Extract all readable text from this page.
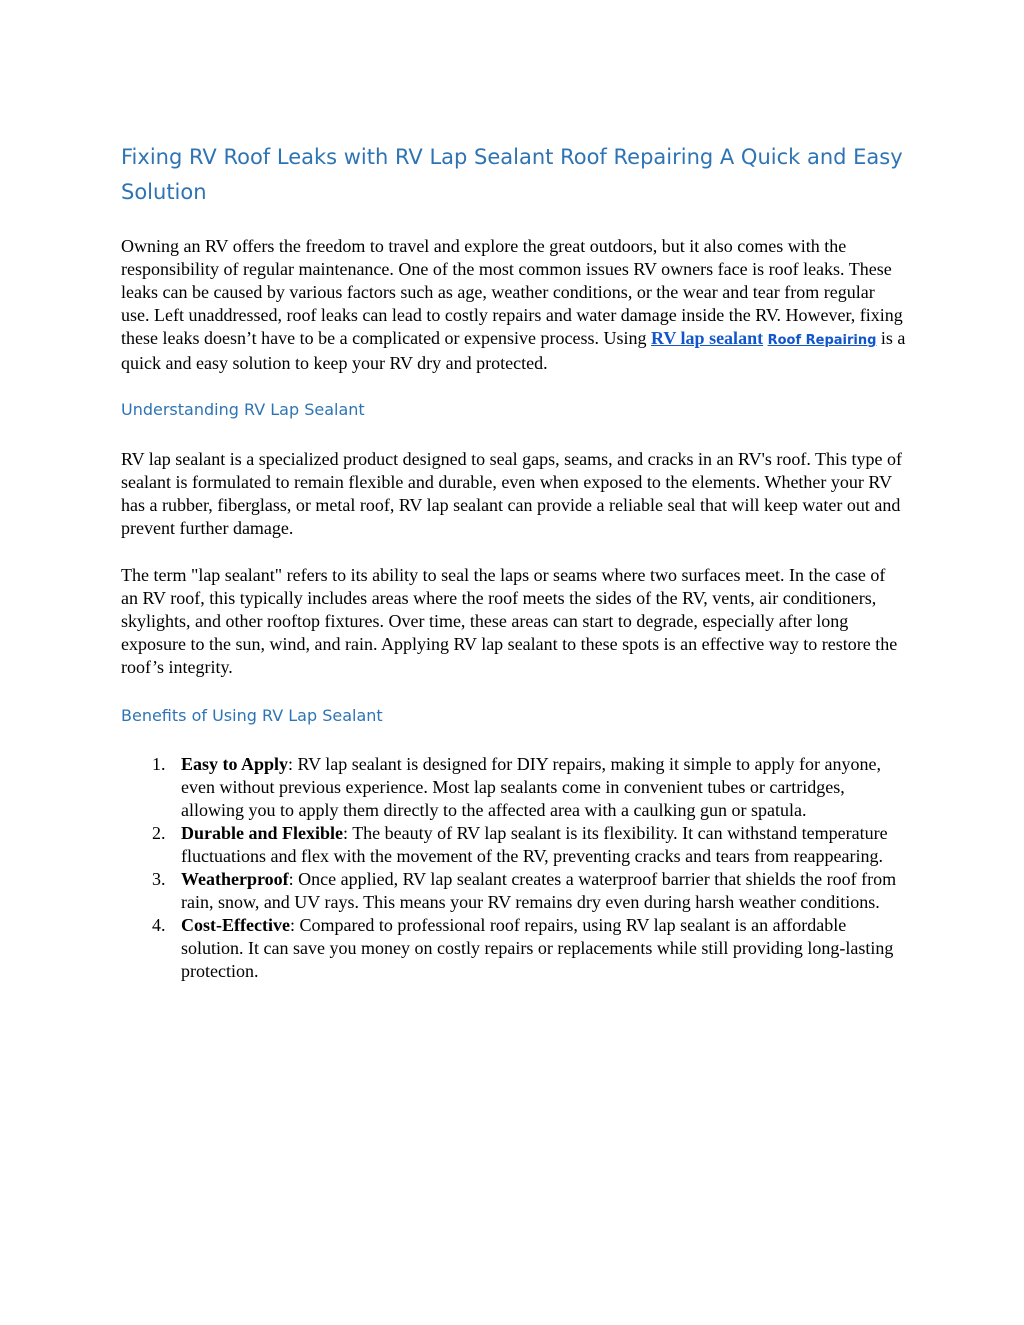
Fixing RV Roof Leaks with RV Lap Sealant Roof Repairing A Quick and Easy Solution

Owning an RV offers the freedom to travel and explore the great outdoors, but it also comes with the responsibility of regular maintenance. One of the most common issues RV owners face is roof leaks. These leaks can be caused by various factors such as age, weather conditions, or the wear and tear from regular use. Left unaddressed, roof leaks can lead to costly repairs and water damage inside the RV. However, fixing these leaks doesn’t have to be a complicated or expensive process. Using RV lap sealant Roof Repairing is a quick and easy solution to keep your RV dry and protected.

Understanding RV Lap Sealant

RV lap sealant is a specialized product designed to seal gaps, seams, and cracks in an RV's roof. This type of sealant is formulated to remain flexible and durable, even when exposed to the elements. Whether your RV has a rubber, fiberglass, or metal roof, RV lap sealant can provide a reliable seal that will keep water out and prevent further damage.

The term "lap sealant" refers to its ability to seal the laps or seams where two surfaces meet. In the case of an RV roof, this typically includes areas where the roof meets the sides of the RV, vents, air conditioners, skylights, and other rooftop fixtures. Over time, these areas can start to degrade, especially after long exposure to the sun, wind, and rain. Applying RV lap sealant to these spots is an effective way to restore the roof’s integrity.

Benefits of Using RV Lap Sealant
1. Easy to Apply: RV lap sealant is designed for DIY repairs, making it simple to apply for anyone, even without previous experience. Most lap sealants come in convenient tubes or cartridges, allowing you to apply them directly to the affected area with a caulking gun or spatula.
2. Durable and Flexible: The beauty of RV lap sealant is its flexibility. It can withstand temperature fluctuations and flex with the movement of the RV, preventing cracks and tears from reappearing.
3. Weatherproof: Once applied, RV lap sealant creates a waterproof barrier that shields the roof from rain, snow, and UV rays. This means your RV remains dry even during harsh weather conditions.
4. Cost-Effective: Compared to professional roof repairs, using RV lap sealant is an affordable solution. It can save you money on costly repairs or replacements while still providing long-lasting protection.
